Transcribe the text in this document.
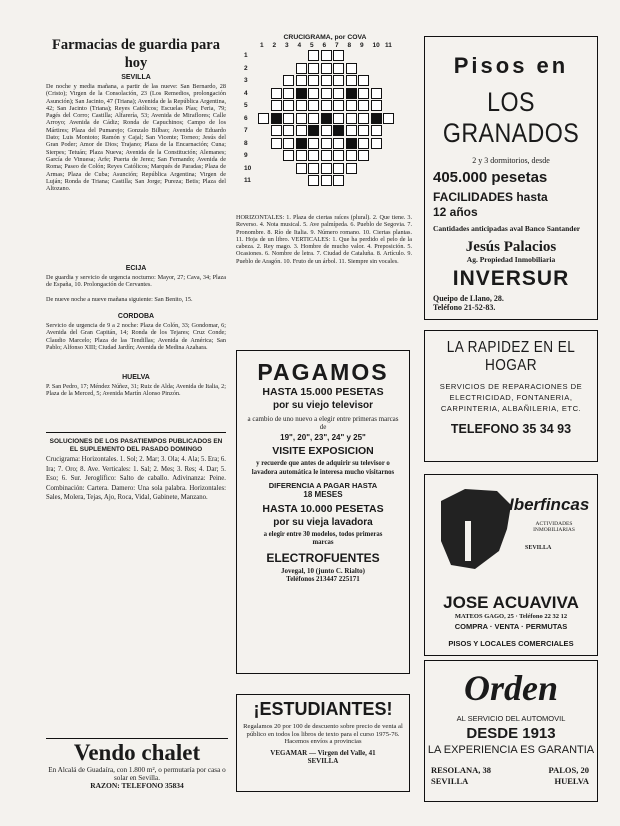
Farmacias de guardia para hoy
SEVILLA
De noche y media mañana, a partir de las nueve: San Bernardo, 28 (Cristo); Virgen de la Consolación, 23 (Los Remedios, prolongación Asunción); San Jacinto, 47 (Triana); Avenida de la República Argentina, 42; San Jacinto (Triana); Reyes Católicos; Escuelas Pías; Feria, 79; Pagés del Corro; Castilla; Alfarería, 53; Avenida de Miraflores; Calle Arroyo; Avenida de Cádiz; Ronda de Capuchinos; Campo de los Mártires; Plaza del Pumarejo; Gonzalo Bilbao; Avenida de Eduardo Dato; Luis Montoto; Ramón y Cajal; San Vicente; Torneo; Jesús del Gran Poder; Amor de Dios; Trajano; Plaza de la Encarnación; Cuna; Sierpes; Tetuán; Plaza Nueva; Avenida de la Constitución; Alemanes; García de Vinuesa; Arfe; Puerta de Jerez; San Fernando; Avenida de Roma; Paseo de Colón; Reyes Católicos; Marqués de Paradas; Plaza de Armas; Plaza de Cuba; Asunción; República Argentina; Virgen de Luján; Ronda de Triana; Castilla; San Jorge; Pureza; Betis; Plaza del Altozano.
ECIJA
De guardia y servicio de urgencia nocturno: Mayor, 27; Cava, 34; Plaza de España, 10. Prolongación de Cervantes.
De nueve noche a nueve mañana siguiente: San Benito, 15.
CORDOBA
Servicio de urgencia de 9 a 2 noche: Plaza de Colón, 33; Gondomar, 6; Avenida del Gran Capitán, 14; Ronda de los Tejares; Cruz Conde; Claudio Marcelo; Plaza de las Tendillas; Avenida de América; San Pablo; Alfonso XIII; Ciudad Jardín; Avenida de Medina Azahara.
HUELVA
P. San Pedro, 17; Méndez Núñez, 31; Ruiz de Alda; Avenida de Italia, 2; Plaza de la Merced, 5; Avenida Martín Alonso Pinzón.
SOLUCIONES DE LOS PASATIEMPOS PUBLICADOS EN EL SUPLEMENTO DEL PASADO DOMINGO
Crucigrama: Horizontales. 1. Sol; 2. Mar; 3. Ola; 4. Ala; 5. Era; 6. Ira; 7. Oro; 8. Ave. Verticales: 1. Sal; 2. Mes; 3. Res; 4. Dar; 5. Eso; 6. Sur. Jeroglífico: Salto de caballo. Adivinanza: Peine. Combinación: Cartera. Damero: Una sola palabra. Horizontales: Sales, Molera, Tejas, Ajo, Roca, Vidal, Gabinete, Manzano.
Vendo chalet
En Alcalá de Guadaíra, con 1.800 m², o permutaría por casa o solar en Sevilla.
RAZON: TELEFONO 35834
CRUCIGRAMA, por COVA
1 2 3 4 5 6 7 8 9 10 11
1
2
3
4
5
6
7
8
9
10
11
HORIZONTALES: 1. Plaza de ciertas raíces (plural). 2. Que tiene. 3. Reverso. 4. Nota musical. 5. Ave palmípeda. 6. Pueblo de Segovia. 7. Pronombre. 8. Río de Italia. 9. Número romano. 10. Ciertas plantas. 11. Hoja de un libro. VERTICALES: 1. Que ha perdido el pelo de la cabeza. 2. Rey mago. 3. Hombre de mucho valor. 4. Preposición. 5. Ocasiones. 6. Nombre de letra. 7. Ciudad de Cataluña. 8. Artículo. 9. Pueblo de Aragón. 10. Fruto de un árbol. 11. Siempre sin vocales.
PAGAMOS
HASTA 15.000 PESETAS
por su viejo televisor
a cambio de uno nuevo a elegir entre primeras marcas de
19", 20", 23", 24" y 25"
VISITE EXPOSICION
y recuerde que antes de adquirir su televisor o lavadora automática le interesa mucho visitarnos
DIFERENCIA A PAGAR HASTA
18 MESES
HASTA 10.000 PESETAS
por su vieja lavadora
a elegir entre 30 modelos, todos primeras marcas
ELECTROFUENTES
Jovegal, 10 (junto C. Rialto)
Teléfonos 213447 225171
¡ESTUDIANTES!
Regalamos 20 por 100 de descuento sobre precio de venta al público en todos los libros de texto para el curso 1975-76. Hacemos envíos a provincias
VEGAMAR — Virgen del Valle, 41
SEVILLA
Pisos en
LOS GRANADOS
2 y 3 dormitorios, desde
405.000 pesetas
FACILIDADES hasta
12 años
Cantidades anticipadas aval Banco Santander
Jesús Palacios
Ag. Propiedad Inmobiliaria
INVERSUR
Queipo de Llano, 28.
Teléfono 21-52-83.
LA RAPIDEZ EN EL HOGAR
SERVICIOS DE REPARACIONES DE ELECTRICIDAD, FONTANERIA, CARPINTERIA, ALBAÑILERIA, ETC.
TELEFONO 35 34 93
Iberfincas
ACTIVIDADES INMOBILIARIAS
SEVILLA
JOSE ACUAVIVA
MATEOS GAGO, 25 · Teléfono 22 32 12
COMPRA · VENTA · PERMUTAS
PISOS Y LOCALES COMERCIALES
Orden
AL SERVICIO DEL AUTOMOVIL
DESDE 1913
LA EXPERIENCIA ES GARANTIA
RESOLANA, 38
SEVILLA
PALOS, 20
HUELVA
